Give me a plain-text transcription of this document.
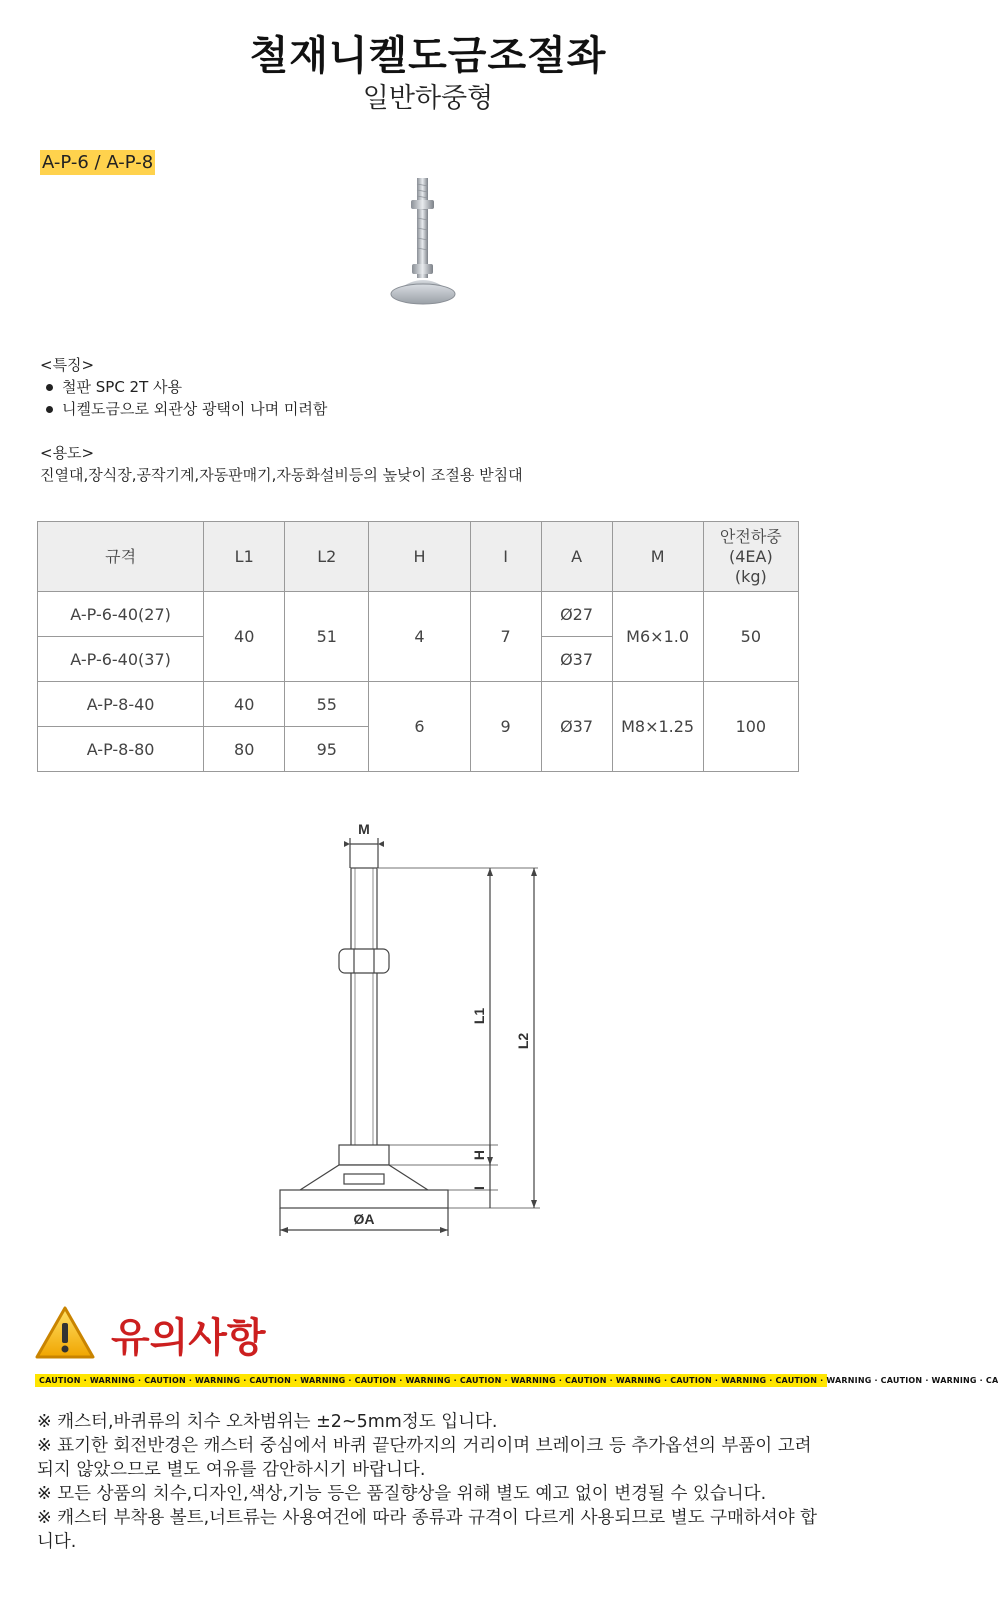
철재니켈도금조절좌
일반하중형
A-P-6 / A-P-8
<특징>
철판 SPC 2T 사용
니켈도금으로 외관상 광택이 나며 미려함
<용도>
진열대,장식장,공작기계,자동판매기,자동화설비등의 높낮이 조절용 받침대
규격	L1	L2	H	I	A	M	안전하중
(4EA)
(kg)
A-P-6-40(27)	40	51	4	7	Ø27	M6×1.0	50
A-P-6-40(37)					Ø37		
A-P-8-40	40	55	6	9	Ø37	M8×1.25	100
A-P-8-80	80	95					
M
L1
L2
H
I
ØA
유의사항
CAUTION · WARNING · CAUTION · WARNING · CAUTION · WARNING · CAUTION · WARNING · CAUTION · WARNING · CAUTION · WARNING · CAUTION · WARNING · CAUTION · WARNING · CAUTION · WARNING · CA
※ 캐스터,바퀴류의 치수 오차범위는 ±2~5mm정도 입니다.
※ 표기한 회전반경은 캐스터 중심에서 바퀴 끝단까지의 거리이며 브레이크 등 추가옵션의 부품이 고려되지 않았으므로 별도 여유를 감안하시기 바랍니다.
※ 모든 상품의 치수,디자인,색상,기능 등은 품질향상을 위해 별도 예고 없이 변경될 수 있습니다.
※ 캐스터 부착용 볼트,너트류는 사용여건에 따라 종류과 규격이 다르게 사용되므로 별도 구매하셔야 합니다.
